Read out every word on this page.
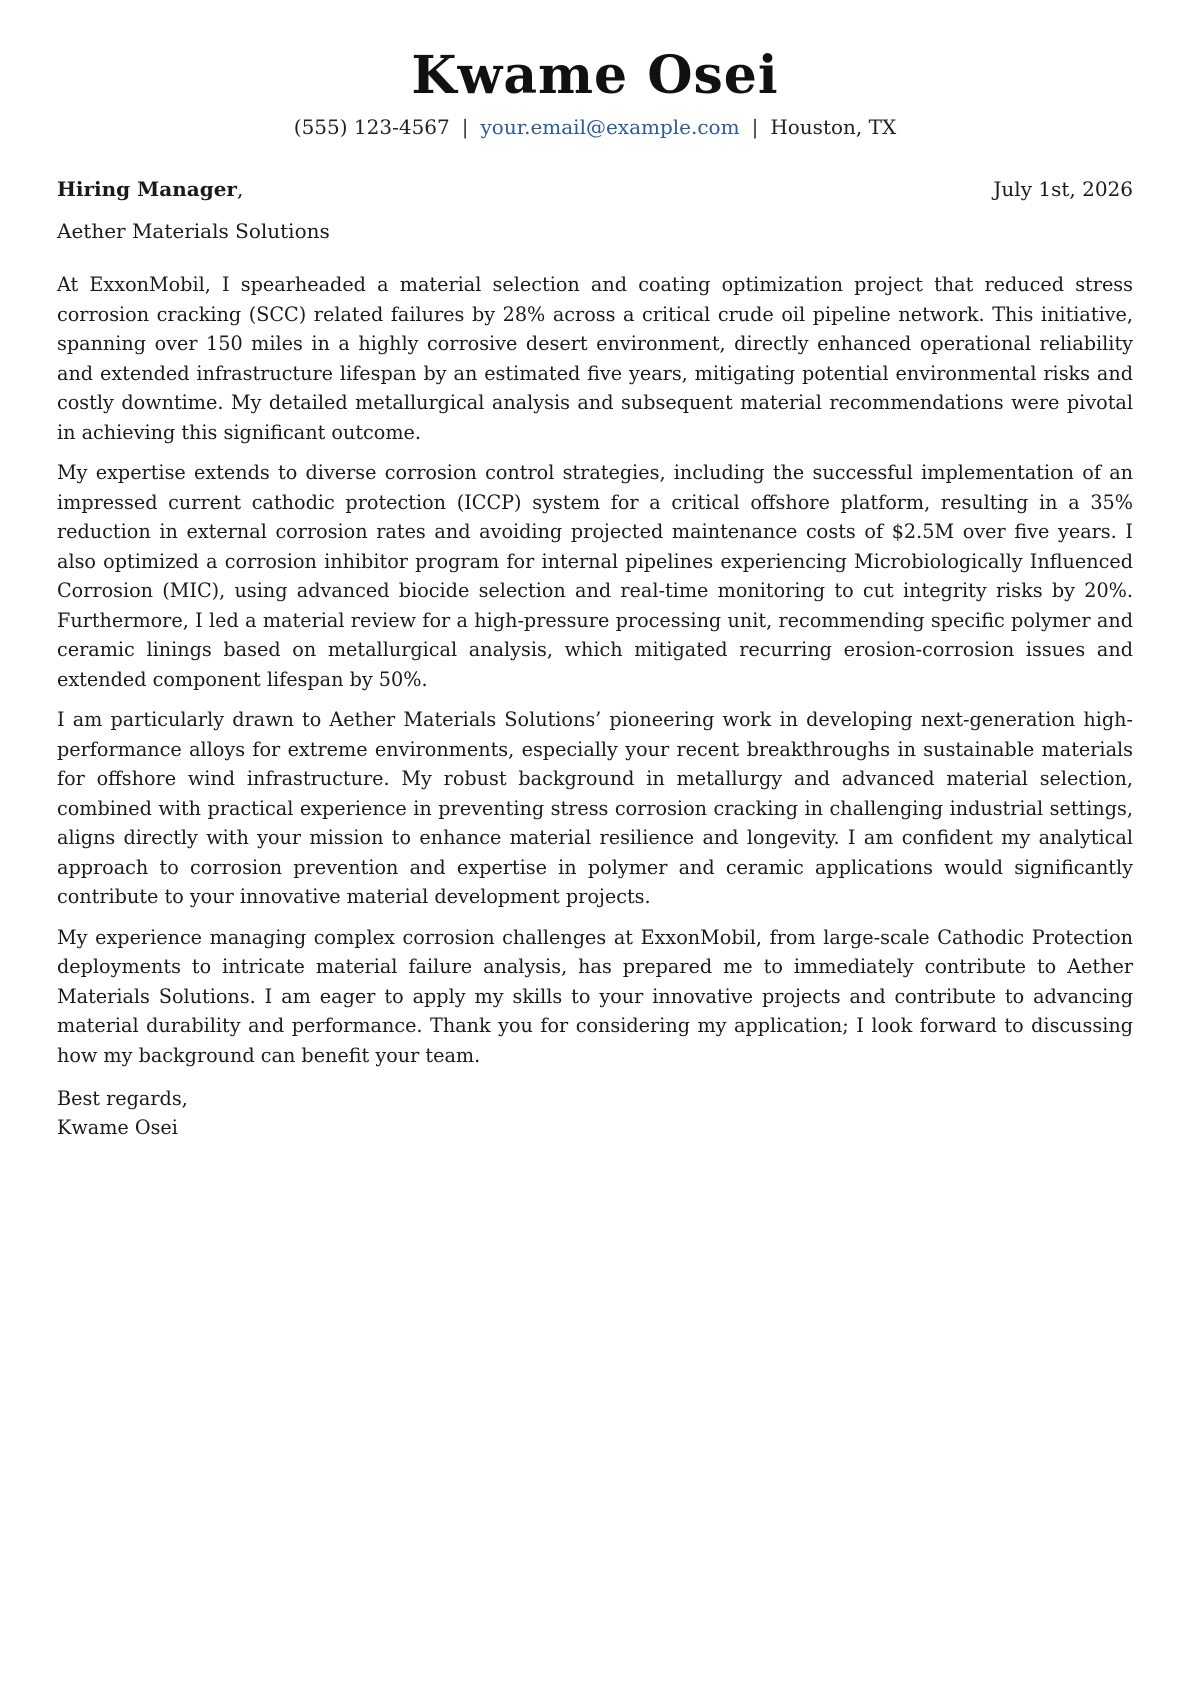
Kwame Osei
(555) 123-4567 | your.email@example.com | Houston, TX
Hiring Manager,	July 1st, 2026
Aether Materials Solutions

At ExxonMobil, I spearheaded a material selection and coating optimization project that reduced stress corrosion cracking (SCC) related failures by 28% across a critical crude oil pipeline network. This initiative, spanning over 150 miles in a highly corrosive desert environment, directly enhanced operational reliability and extended infrastructure lifespan by an estimated five years, mitigating potential environmental risks and costly downtime. My detailed metallurgical analysis and subsequent material recommendations were pivotal in achieving this significant outcome.

My expertise extends to diverse corrosion control strategies, including the successful implementation of an impressed current cathodic protection (ICCP) system for a critical offshore platform, resulting in a 35% reduction in external corrosion rates and avoiding projected maintenance costs of $2.5M over five years. I also optimized a corrosion inhibitor program for internal pipelines experiencing Microbiologically Influenced Corrosion (MIC), using advanced biocide selection and real-time monitoring to cut integrity risks by 20%. Furthermore, I led a material review for a high-pressure processing unit, recommending specific polymer and ceramic linings based on metallurgical analysis, which mitigated recurring erosion-corrosion issues and extended component lifespan by 50%.

I am particularly drawn to Aether Materials Solutions’ pioneering work in developing next-generation high-performance alloys for extreme environments, especially your recent breakthroughs in sustainable materials for offshore wind infrastructure. My robust background in metallurgy and advanced material selection, combined with practical experience in preventing stress corrosion cracking in challenging industrial settings, aligns directly with your mission to enhance material resilience and longevity. I am confident my analytical approach to corrosion prevention and expertise in polymer and ceramic applications would significantly contribute to your innovative material development projects.

My experience managing complex corrosion challenges at ExxonMobil, from large-scale Cathodic Protection deployments to intricate material failure analysis, has prepared me to immediately contribute to Aether Materials Solutions. I am eager to apply my skills to your innovative projects and contribute to advancing material durability and performance. Thank you for considering my application; I look forward to discussing how my background can benefit your team.

Best regards,
Kwame Osei
